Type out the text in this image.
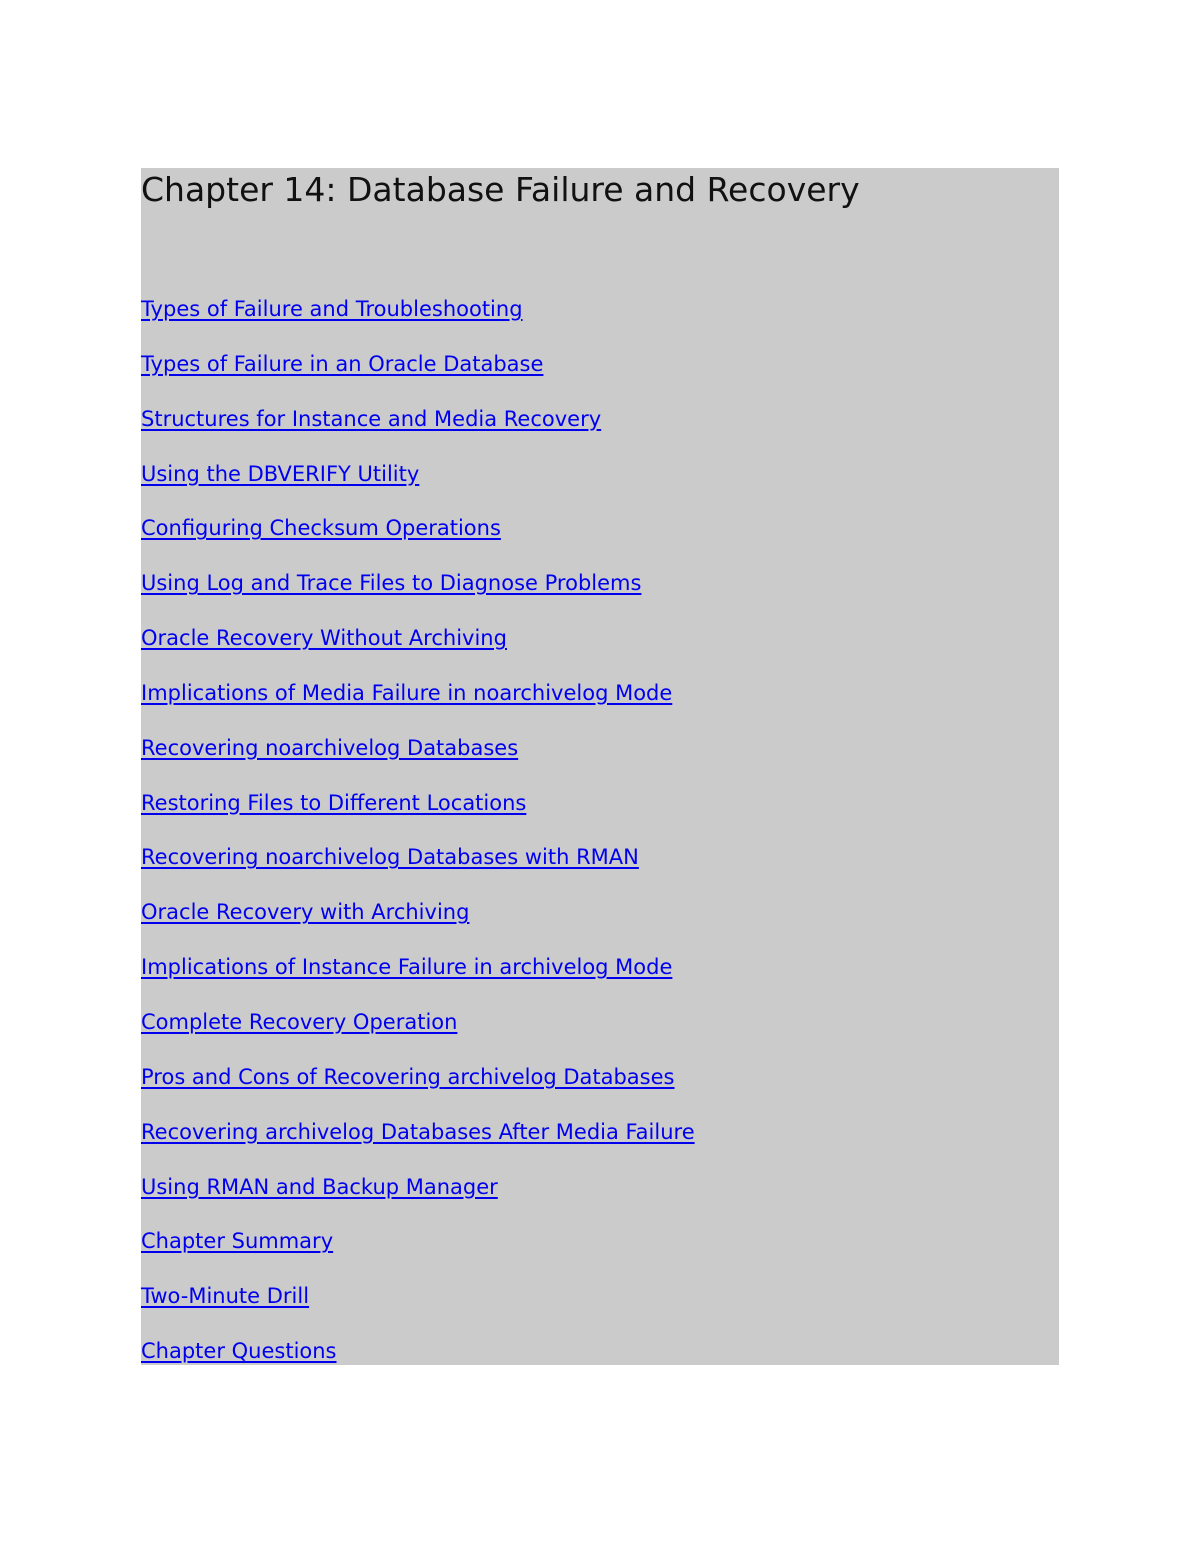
Chapter 14: Database Failure and Recovery
Types of Failure and Troubleshooting
Types of Failure in an Oracle Database
Structures for Instance and Media Recovery
Using the DBVERIFY Utility
Configuring Checksum Operations
Using Log and Trace Files to Diagnose Problems
Oracle Recovery Without Archiving
Implications of Media Failure in noarchivelog Mode
Recovering noarchivelog Databases
Restoring Files to Different Locations
Recovering noarchivelog Databases with RMAN
Oracle Recovery with Archiving
Implications of Instance Failure in archivelog Mode
Complete Recovery Operation
Pros and Cons of Recovering archivelog Databases
Recovering archivelog Databases After Media Failure
Using RMAN and Backup Manager
Chapter Summary
Two-Minute Drill
Chapter Questions
